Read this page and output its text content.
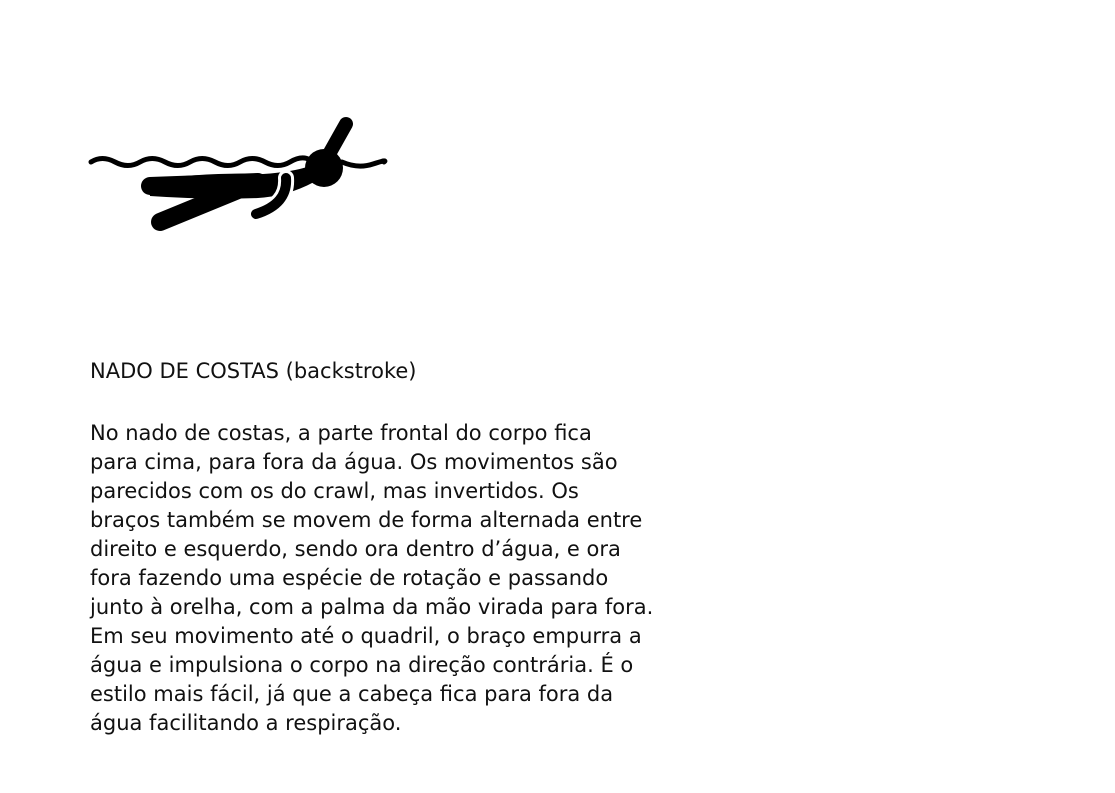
NADO DE COSTAS (backstroke)
No nado de costas, a parte frontal do corpo fica
para cima, para fora da água. Os movimentos são
parecidos com os do crawl, mas invertidos. Os
braços também se movem de forma alternada entre
direito e esquerdo, sendo ora dentro d’água, e ora
fora fazendo uma espécie de rotação e passando
junto à orelha, com a palma da mão virada para fora.
Em seu movimento até o quadril, o braço empurra a
água e impulsiona o corpo na direção contrária. É o
estilo mais fácil, já que a cabeça fica para fora da
água facilitando a respiração.
